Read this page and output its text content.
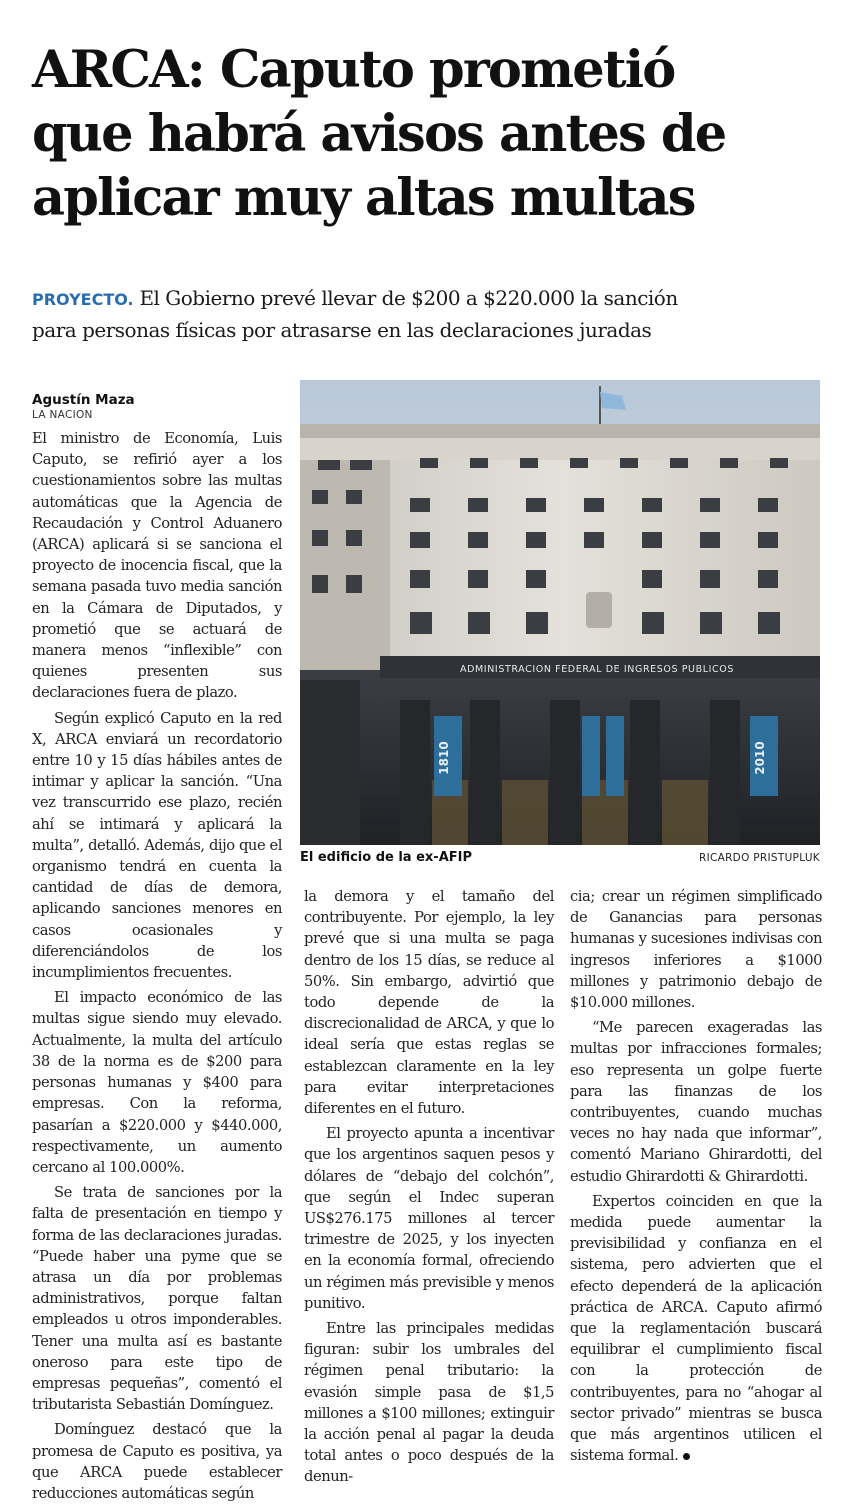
ARCA: Caputo prometió
que habrá avisos antes de
aplicar muy altas multas
PROYECTO. El Gobierno prevé llevar de $200 a $220.000 la sanción
para personas físicas por atrasarse en las declaraciones juradas
Agustín Maza
LA NACION

El ministro de Economía, Luis Caputo, se refirió ayer a los cuestionamientos sobre las multas automáticas que la Agencia de Recaudación y Control Aduanero (ARCA) aplicará si se sanciona el proyecto de inocencia fiscal, que la semana pasada tuvo media sanción en la Cámara de Diputados, y prometió que se actuará de manera menos “inflexible” con quienes presenten sus declaraciones fuera de plazo.

Según explicó Caputo en la red X, ARCA enviará un recordatorio entre 10 y 15 días hábiles antes de intimar y aplicar la sanción. “Una vez transcurrido ese plazo, recién ahí se intimará y aplicará la multa”, detalló. Además, dijo que el organismo tendrá en cuenta la cantidad de días de demora, aplicando sanciones menores en casos ocasionales y diferenciándolos de los incumplimientos frecuentes.

El impacto económico de las multas sigue siendo muy elevado. Actualmente, la multa del artículo 38 de la norma es de $200 para personas humanas y $400 para empresas. Con la reforma, pasarían a $220.000 y $440.000, respectivamente, un aumento cercano al 100.000%.

Se trata de sanciones por la falta de presentación en tiempo y forma de las declaraciones juradas. “Puede haber una pyme que se atrasa un día por problemas administrativos, porque faltan empleados u otros imponderables. Tener una multa así es bastante oneroso para este tipo de empresas pequeñas”, comentó el tributarista Sebastián Domínguez.

Domínguez destacó que la promesa de Caputo es positiva, ya que ARCA puede establecer reducciones automáticas según

ADMINISTRACION FEDERAL DE INGRESOS PUBLICOS
1810	2010
El edificio de la ex-AFIP	RICARDO PRISTUPLUK

la demora y el tamaño del contribuyente. Por ejemplo, la ley prevé que si una multa se paga dentro de los 15 días, se reduce al 50%. Sin embargo, advirtió que todo depende de la discrecionalidad de ARCA, y que lo ideal sería que estas reglas se establezcan claramente en la ley para evitar interpretaciones diferentes en el futuro.

El proyecto apunta a incentivar que los argentinos saquen pesos y dólares de “debajo del colchón”, que según el Indec superan US$276.175 millones al tercer trimestre de 2025, y los inyecten en la economía formal, ofreciendo un régimen más previsible y menos punitivo.

Entre las principales medidas figuran: subir los umbrales del régimen penal tributario: la evasión simple pasa de $1,5 millones a $100 millones; extinguir la acción penal al pagar la deuda total antes o poco después de la denun-

cia; crear un régimen simplificado de Ganancias para personas humanas y sucesiones indivisas con ingresos inferiores a $1000 millones y patrimonio debajo de $10.000 millones.

“Me parecen exageradas las multas por infracciones formales; eso representa un golpe fuerte para las finanzas de los contribuyentes, cuando muchas veces no hay nada que informar”, comentó Mariano Ghirardotti, del estudio Ghirardotti & Ghirardotti.

Expertos coinciden en que la medida puede aumentar la previsibilidad y confianza en el sistema, pero advierten que el efecto dependerá de la aplicación práctica de ARCA. Caputo afirmó que la reglamentación buscará equilibrar el cumplimiento fiscal con la protección de contribuyentes, para no “ahogar al sector privado” mientras se busca que más argentinos utilicen el sistema formal.
